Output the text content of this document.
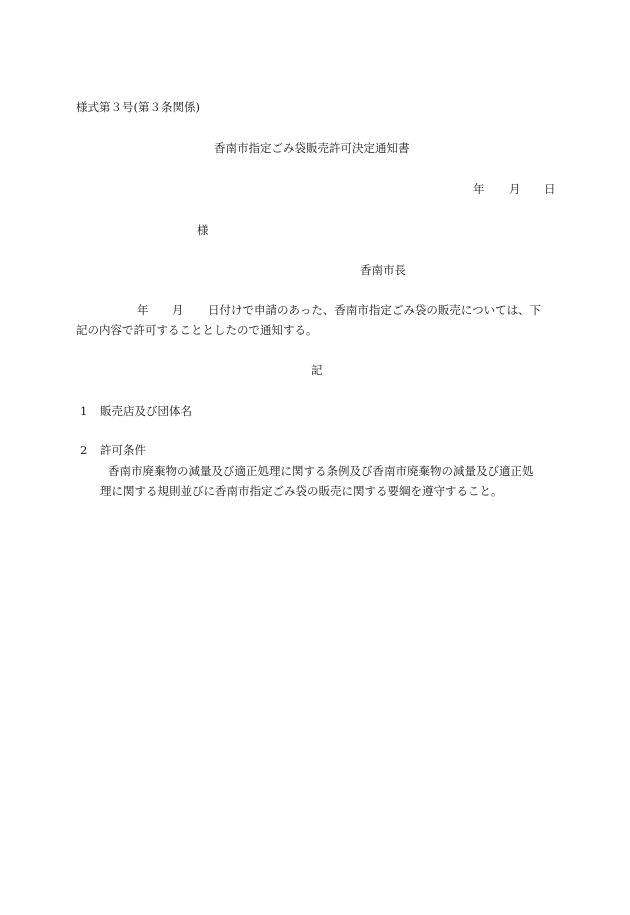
様式第３号(第３条関係)
香南市指定ごみ袋販売許可決定通知書
年 月 日
様
香南市長
年 月 日付けで申請のあった、香南市指定ごみ袋の販売については、下
記の内容で許可することとしたので通知する。
記
1 販売店及び団体名
2 許可条件
香南市廃棄物の減量及び適正処理に関する条例及び香南市廃棄物の減量及び適正処
理に関する規則並びに香南市指定ごみ袋の販売に関する要綱を遵守すること。
